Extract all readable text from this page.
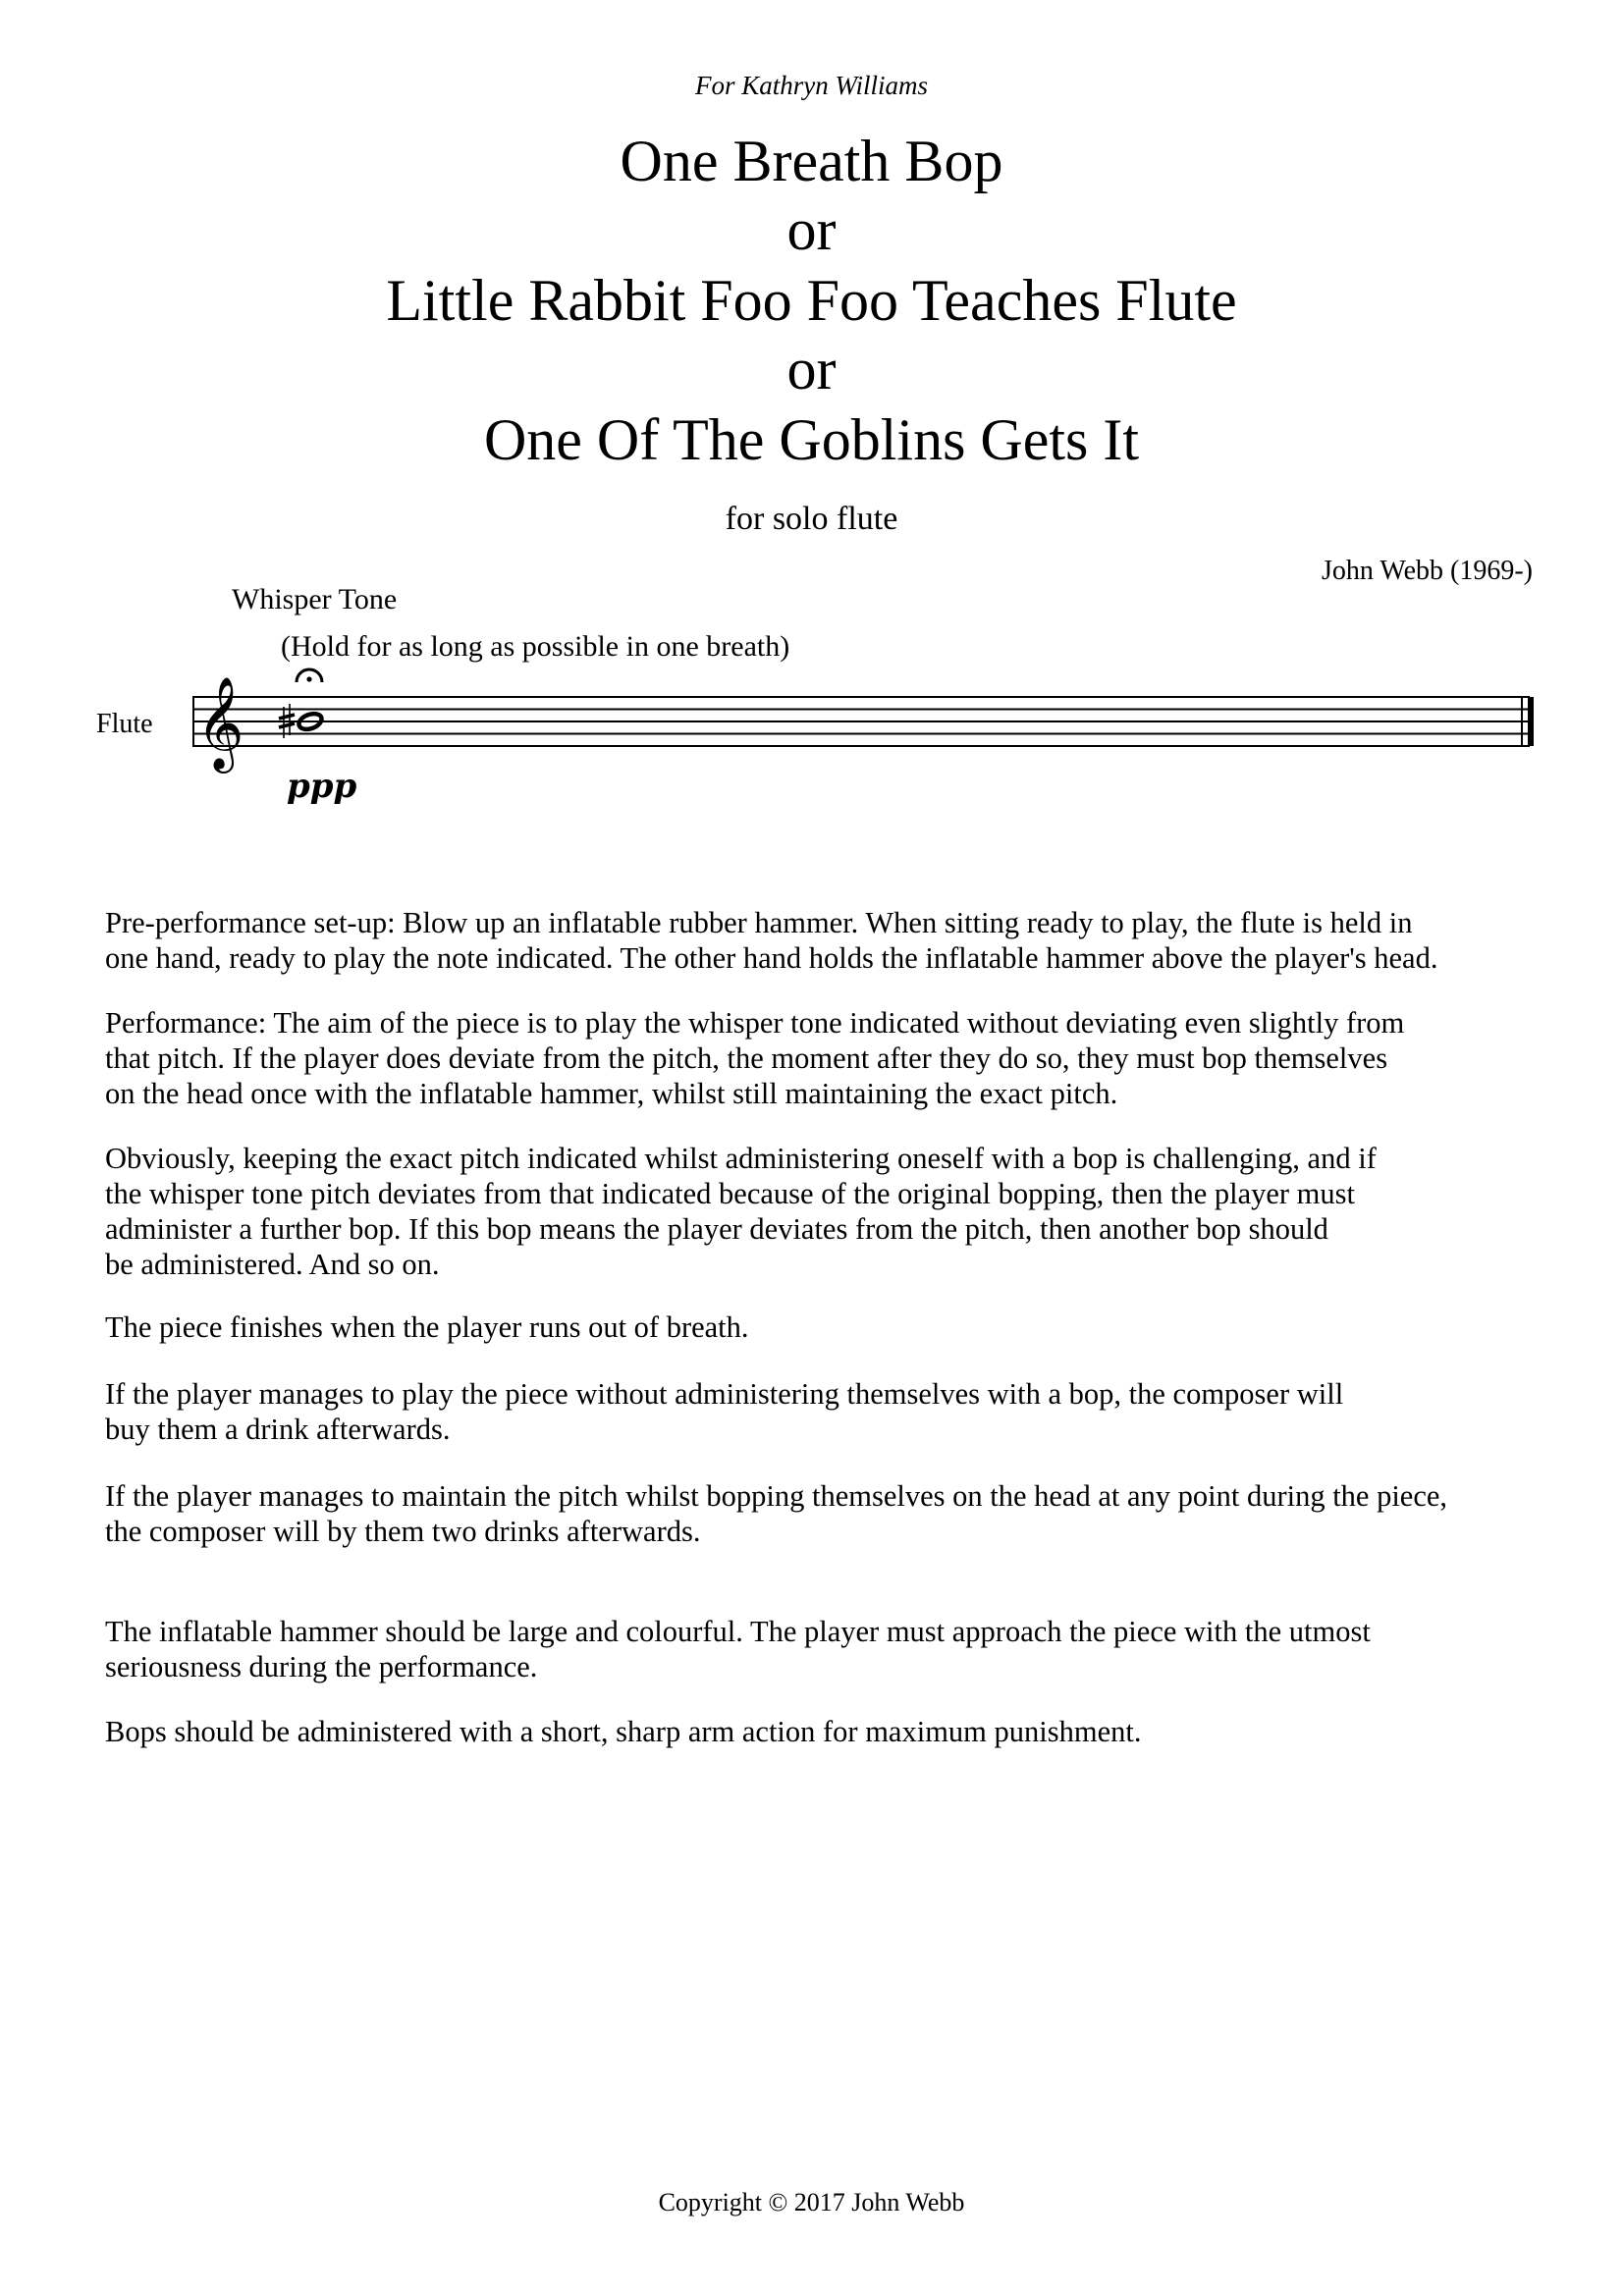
For Kathryn Williams
One Breath Bop
or
Little Rabbit Foo Foo Teaches Flute
or
One Of The Goblins Gets It
for solo flute
John Webb (1969-)
Whisper Tone
(Hold for as long as possible in one breath)
Flute 𝄞
ppp

Pre-performance set-up: Blow up an inflatable rubber hammer. When sitting ready to play, the flute is held in

one hand, ready to play the note indicated. The other hand holds the inflatable hammer above the player's head.

Performance: The aim of the piece is to play the whisper tone indicated without deviating even slightly from

that pitch. If the player does deviate from the pitch, the moment after they do so, they must bop themselves

on the head once with the inflatable hammer, whilst still maintaining the exact pitch.

Obviously, keeping the exact pitch indicated whilst administering oneself with a bop is challenging, and if

the whisper tone pitch deviates from that indicated because of the original bopping, then the player must

administer a further bop. If this bop means the player deviates from the pitch, then another bop should

be administered. And so on.

The piece finishes when the player runs out of breath.

If the player manages to play the piece without administering themselves with a bop, the composer will

buy them a drink afterwards.

If the player manages to maintain the pitch whilst bopping themselves on the head at any point during the piece,

the composer will by them two drinks afterwards.

The inflatable hammer should be large and colourful. The player must approach the piece with the utmost

seriousness during the performance.

Bops should be administered with a short, sharp arm action for maximum punishment.

Copyright © 2017 John Webb
